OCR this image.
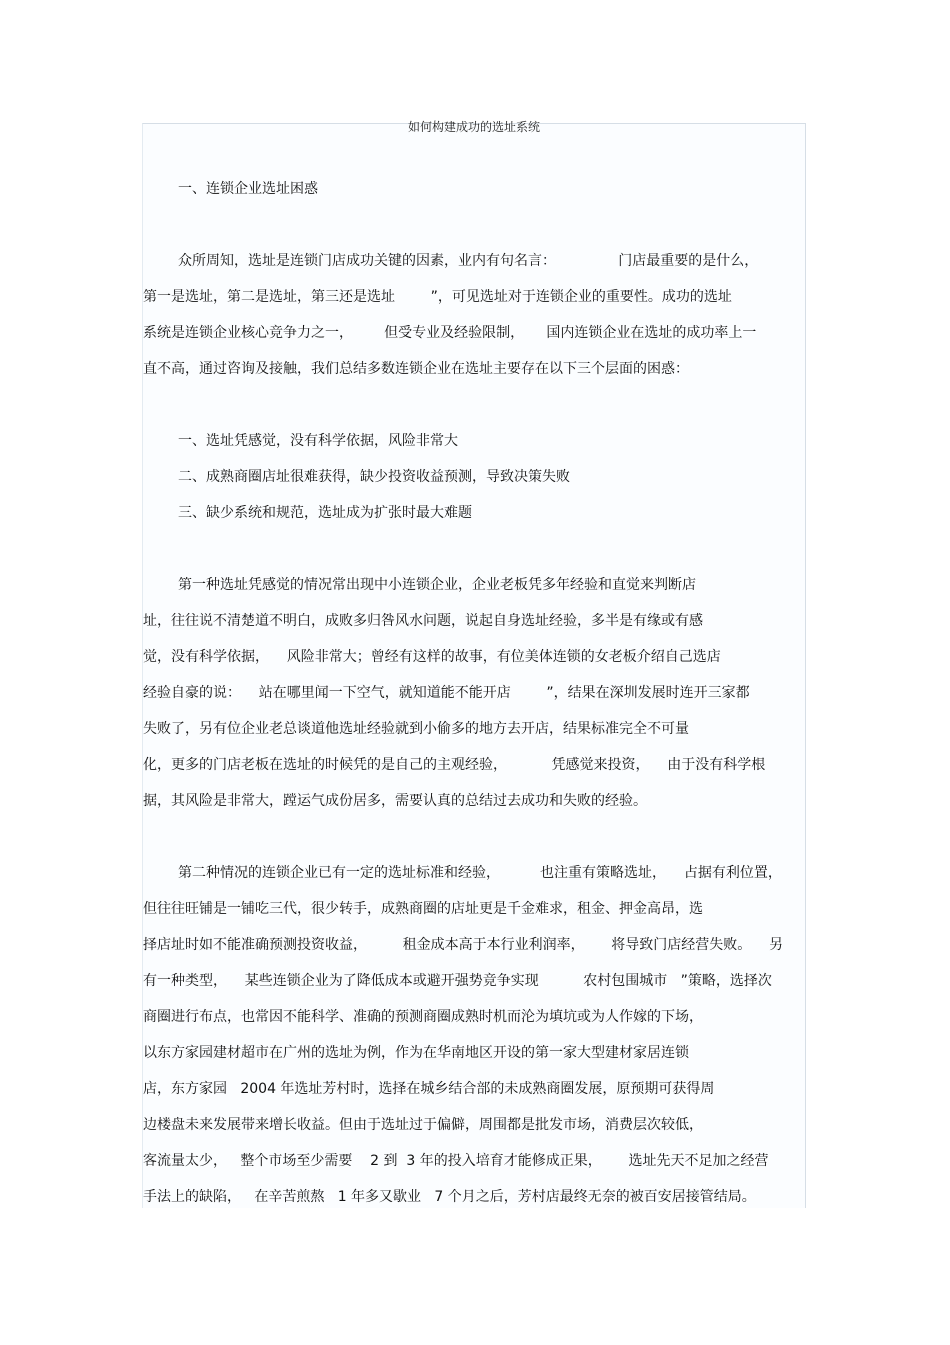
如何构建成功的选址系统
一、连锁企业选址困惑
众所周知，选址是连锁门店成功关键的因素，业内有句名言：              门店最重要的是什么，
第一是选址，第二是选址，第三还是选址        ”，可见选址对于连锁企业的重要性。成功的选址
系统是连锁企业核心竞争力之一，       但受专业及经验限制，     国内连锁企业在选址的成功率上一
直不高，通过咨询及接触，我们总结多数连锁企业在选址主要存在以下三个层面的困惑：
一、选址凭感觉，没有科学依据，风险非常大
二、成熟商圈店址很难获得，缺少投资收益预测，导致决策失败
三、缺少系统和规范，选址成为扩张时最大难题
第一种选址凭感觉的情况常出现中小连锁企业，企业老板凭多年经验和直觉来判断店
址，往往说不清楚道不明白，成败多归咎风水问题，说起自身选址经验，多半是有缘或有感
觉，没有科学依据，    风险非常大；曾经有这样的故事，有位美体连锁的女老板介绍自己选店
经验自豪的说：    站在哪里闻一下空气，就知道能不能开店        ”，结果在深圳发展时连开三家都
失败了，另有位企业老总谈道他选址经验就到小偷多的地方去开店，结果标准完全不可量
化，更多的门店老板在选址的时候凭的是自己的主观经验，          凭感觉来投资，    由于没有科学根
据，其风险是非常大，蹚运气成份居多，需要认真的总结过去成功和失败的经验。
第二种情况的连锁企业已有一定的选址标准和经验，         也注重有策略选址，    占据有利位置，
但往往旺铺是一铺吃三代，很少转手，成熟商圈的店址更是千金难求，租金、押金高昂，选
择店址时如不能准确预测投资收益，        租金成本高于本行业利润率，      将导致门店经营失败。    另
有一种类型，    某些连锁企业为了降低成本或避开强势竞争实现          农村包围城市   ”策略，选择次
商圈进行布点，也常因不能科学、准确的预测商圈成熟时机而沦为填坑或为人作嫁的下场，
以东方家园建材超市在广州的选址为例，作为在华南地区开设的第一家大型建材家居连锁
店，东方家园   2004 年选址芳村时，选择在城乡结合部的未成熟商圈发展，原预期可获得周
边楼盘未来发展带来增长收益。但由于选址过于偏僻，周围都是批发市场，消费层次较低，
客流量太少，   整个市场至少需要    2 到  3 年的投入培育才能修成正果，      选址先天不足加之经营
手法上的缺陷，   在辛苦煎熬   1 年多又歇业   7 个月之后，芳村店最终无奈的被百安居接管结局。
